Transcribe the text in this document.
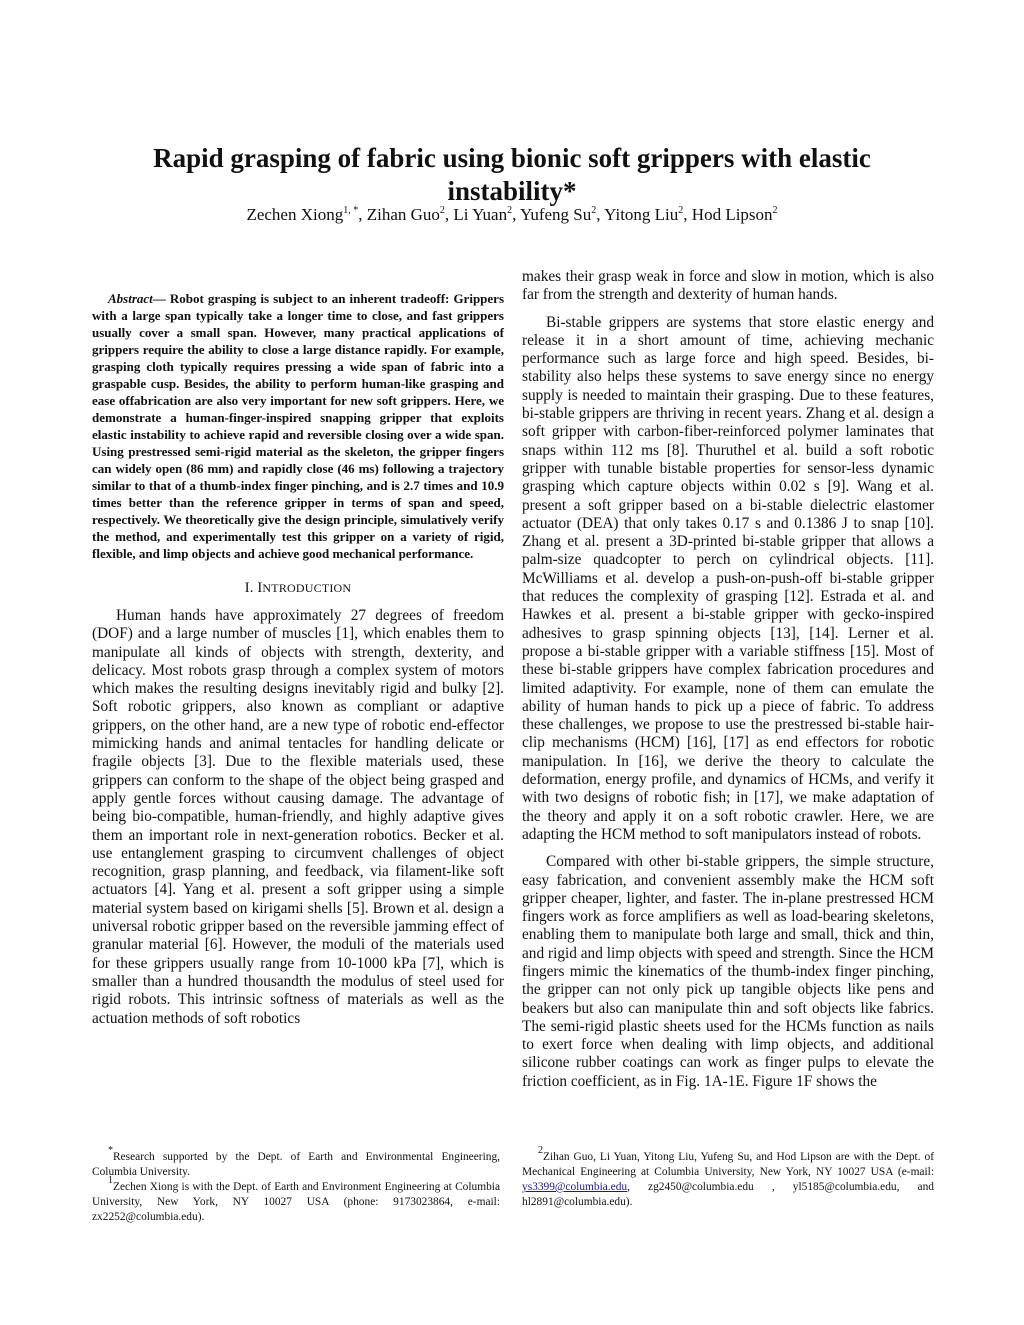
Rapid grasping of fabric using bionic soft grippers with elastic instability*
Zechen Xiong$^{1, *}$, Zihan Guo$^2$, Li Yuan$^2$, Yufeng Su$^2$, Yitong Liu$^2$, Hod Lipson$^2$

Abstract— Robot grasping is subject to an inherent tradeoff: Grippers with a large span typically take a longer time to close, and fast grippers usually cover a small span. However, many practical applications of grippers require the ability to close a large distance rapidly. For example, grasping cloth typically requires pressing a wide span of fabric into a graspable cusp. Besides, the ability to perform human-like grasping and ease offabrication are also very important for new soft grippers. Here, we demonstrate a human-finger-inspired snapping gripper that exploits elastic instability to achieve rapid and reversible closing over a wide span. Using prestressed semi-rigid material as the skeleton, the gripper fingers can widely open (86 mm) and rapidly close (46 ms) following a trajectory similar to that of a thumb-index finger pinching, and is 2.7 times and 10.9 times better than the reference gripper in terms of span and speed, respectively. We theoretically give the design principle, simulatively verify the method, and experimentally test this gripper on a variety of rigid, flexible, and limp objects and achieve good mechanical performance.

I. INTRODUCTION

Human hands have approximately 27 degrees of freedom (DOF) and a large number of muscles [1], which enables them to manipulate all kinds of objects with strength, dexterity, and delicacy. Most robots grasp through a complex system of motors which makes the resulting designs inevitably rigid and bulky [2]. Soft robotic grippers, also known as compliant or adaptive grippers, on the other hand, are a new type of robotic end-effector mimicking hands and animal tentacles for handling delicate or fragile objects [3]. Due to the flexible materials used, these grippers can conform to the shape of the object being grasped and apply gentle forces without causing damage. The advantage of being bio-compatible, human-friendly, and highly adaptive gives them an important role in next-generation robotics. Becker et al. use entanglement grasping to circumvent challenges of object recognition, grasp planning, and feedback, via filament-like soft actuators [4]. Yang et al. present a soft gripper using a simple material system based on kirigami shells [5]. Brown et al. design a universal robotic gripper based on the reversible jamming effect of granular material [6]. However, the moduli of the materials used for these grippers usually range from 10-1000 kPa [7], which is smaller than a hundred thousandth the modulus of steel used for rigid robots. This intrinsic softness of materials as well as the actuation methods of soft robotics

makes their grasp weak in force and slow in motion, which is also far from the strength and dexterity of human hands.

Bi-stable grippers are systems that store elastic energy and release it in a short amount of time, achieving mechanic performance such as large force and high speed. Besides, bi-stability also helps these systems to save energy since no energy supply is needed to maintain their grasping. Due to these features, bi-stable grippers are thriving in recent years. Zhang et al. design a soft gripper with carbon-fiber-reinforced polymer laminates that snaps within 112 ms [8]. Thuruthel et al. build a soft robotic gripper with tunable bistable properties for sensor-less dynamic grasping which capture objects within 0.02 s [9]. Wang et al. present a soft gripper based on a bi-stable dielectric elastomer actuator (DEA) that only takes 0.17 s and 0.1386 J to snap [10]. Zhang et al. present a 3D-printed bi-stable gripper that allows a palm-size quadcopter to perch on cylindrical objects. [11]. McWilliams et al. develop a push-on-push-off bi-stable gripper that reduces the complexity of grasping [12]. Estrada et al. and Hawkes et al. present a bi-stable gripper with gecko-inspired adhesives to grasp spinning objects [13], [14]. Lerner et al. propose a bi-stable gripper with a variable stiffness [15]. Most of these bi-stable grippers have complex fabrication procedures and limited adaptivity. For example, none of them can emulate the ability of human hands to pick up a piece of fabric. To address these challenges, we propose to use the prestressed bi-stable hair-clip mechanisms (HCM) [16], [17] as end effectors for robotic manipulation. In [16], we derive the theory to calculate the deformation, energy profile, and dynamics of HCMs, and verify it with two designs of robotic fish; in [17], we make adaptation of the theory and apply it on a soft robotic crawler. Here, we are adapting the HCM method to soft manipulators instead of robots.

Compared with other bi-stable grippers, the simple structure, easy fabrication, and convenient assembly make the HCM soft gripper cheaper, lighter, and faster. The in-plane prestressed HCM fingers work as force amplifiers as well as load-bearing skeletons, enabling them to manipulate both large and small, thick and thin, and rigid and limp objects with speed and strength. Since the HCM fingers mimic the kinematics of the thumb-index finger pinching, the gripper can not only pick up tangible objects like pens and beakers but also can manipulate thin and soft objects like fabrics. The semi-rigid plastic sheets used for the HCMs function as nails to exert force when dealing with limp objects, and additional silicone rubber coatings can work as finger pulps to elevate the friction coefficient, as in Fig. 1A-1E. Figure 1F shows the

*Research supported by the Dept. of Earth and Environmental Engineering, Columbia University.

$^1$Zechen Xiong is with the Dept. of Earth and Environment Engineering at Columbia University, New York, NY 10027 USA (phone: 9173023864, e-mail: zx2252@columbia.edu).

$^2$Zihan Guo, Li Yuan, Yitong Liu, Yufeng Su, and Hod Lipson are with the Dept. of Mechanical Engineering at Columbia University, New York, NY 10027 USA (e-mail: ys3399@columbia.edu, zg2450@columbia.edu , yl5185@columbia.edu, and hl2891@columbia.edu).
